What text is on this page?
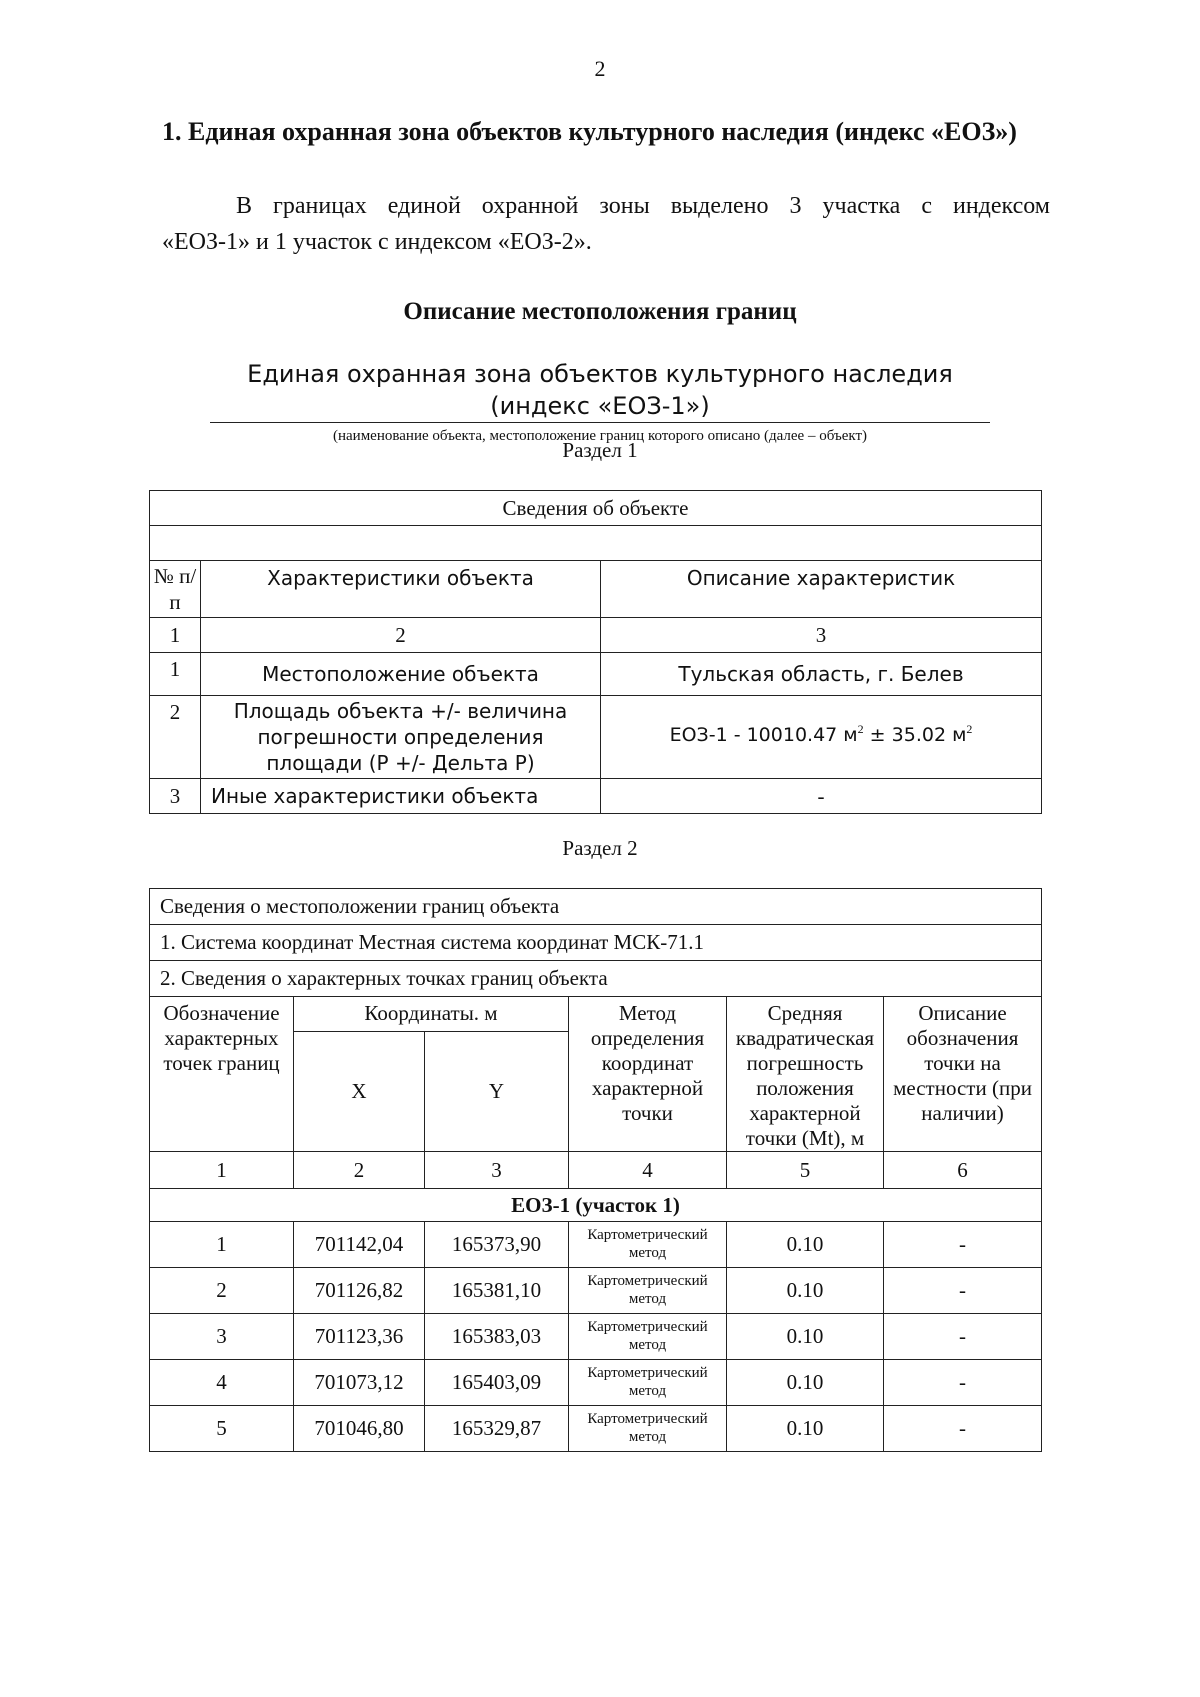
2
1. Единая охранная зона объектов культурного наследия (индекс «ЕОЗ»)
В границах единой охранной зоны выделено 3 участка с индексом
«ЕОЗ-1» и 1 участок с индексом «ЕОЗ-2».
Описание местоположения границ
Единая охранная зона объектов культурного наследия
(индекс «ЕОЗ-1»)
(наименование объекта, местоположение границ которого описано (далее – объект)
Раздел 1
Сведения об объекте		

№ п/п	Характеристики объекта	Описание характеристик
1	2	3
1	Местоположение объекта	Тульская область, г. Белев
2	Площадь объекта +/- величина погрешности определения площади (Р +/- Дельта Р)	ЕОЗ-1 - 10010.47 $м^2 \pm 35.02$ $м^2$
3	Иные характеристики объекта	-
Раздел 2
Сведения о местоположении границ объекта					
1. Система координат Местная система координат МСК-71.1					
2. Сведения о характерных точках границ объекта					
Обозначение характерных точек границ	Координаты. м		Метод определения координат характерной точки	Средняя квадратическая погрешность положения характерной точки (Mt), м	Описание обозначения точки на местности (при наличии)
	X	Y			
1	2	3	4	5	6
ЕОЗ-1 (участок 1)					
1	701142,04	165373,90	Картометрический метод	0.10	-
2	701126,82	165381,10	Картометрический метод	0.10	-
3	701123,36	165383,03	Картометрический метод	0.10	-
4	701073,12	165403,09	Картометрический метод	0.10	-
5	701046,80	165329,87	Картометрический метод	0.10	-
